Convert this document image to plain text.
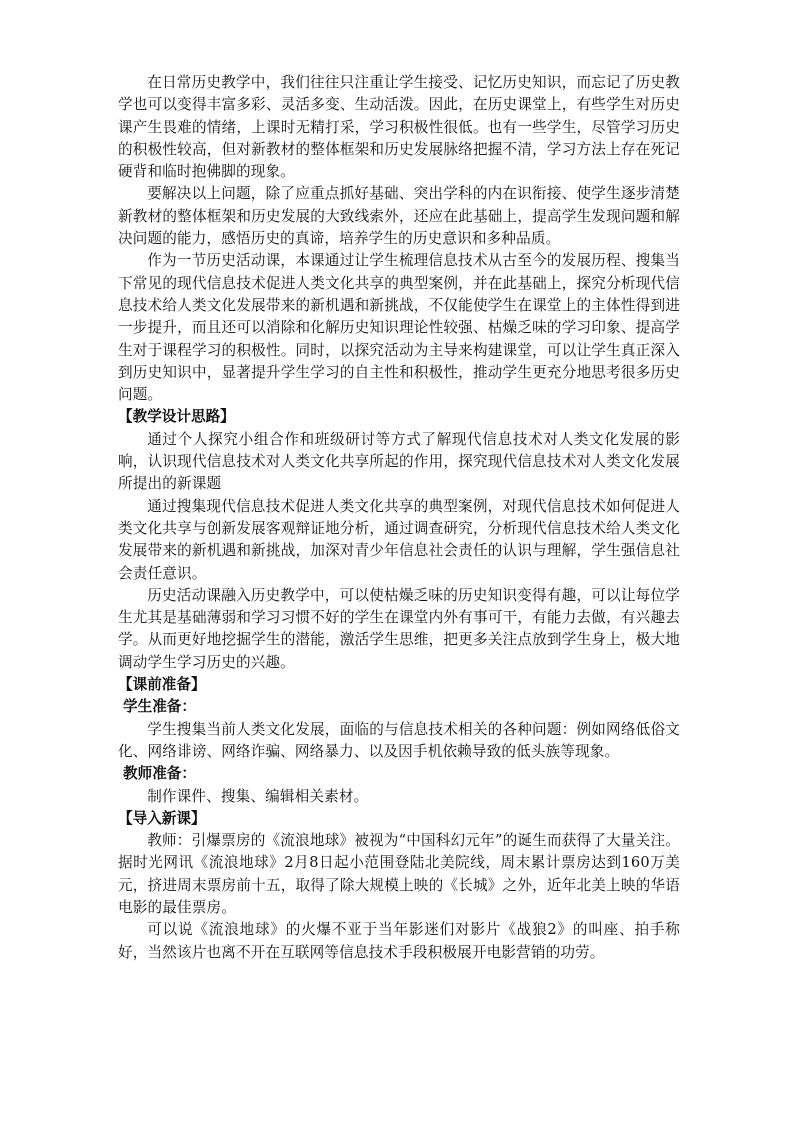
在日常历史教学中，我们往往只注重让学生接受、记忆历史知识，而忘记了历史教学也可以变得丰富多彩、灵活多变、生动活泼。因此，在历史课堂上，有些学生对历史课产生畏难的情绪，上课时无精打采，学习积极性很低。也有一些学生，尽管学习历史的积极性较高，但对新教材的整体框架和历史发展脉络把握不清，学习方法上存在死记硬背和临时抱佛脚的现象。

要解决以上问题，除了应重点抓好基础、突出学科的内在识衔接、使学生逐步清楚新教材的整体框架和历史发展的大致线索外，还应在此基础上，提高学生发现问题和解决问题的能力，感悟历史的真谛，培养学生的历史意识和多种品质。

作为一节历史活动课，本课通过让学生梳理信息技术从古至今的发展历程、搜集当下常见的现代信息技术促进人类文化共享的典型案例，并在此基础上，探究分析现代信息技术给人类文化发展带来的新机遇和新挑战，不仅能使学生在课堂上的主体性得到进一步提升，而且还可以消除和化解历史知识理论性较强、枯燥乏味的学习印象、提高学生对于课程学习的积极性。同时，以探究活动为主导来构建课堂，可以让学生真正深入到历史知识中，显著提升学生学习的自主性和积极性，推动学生更充分地思考很多历史问题。

【教学设计思路】

通过个人探究小组合作和班级研讨等方式了解现代信息技术对人类文化发展的影响，认识现代信息技术对人类文化共享所起的作用，探究现代信息技术对人类文化发展所提出的新课题

通过搜集现代信息技术促进人类文化共享的典型案例，对现代信息技术如何促进人类文化共享与创新发展客观辩证地分析，通过调查研究，分析现代信息技术给人类文化发展带来的新机遇和新挑战，加深对青少年信息社会责任的认识与理解，学生强信息社会责任意识。

历史活动课融入历史教学中，可以使枯燥乏味的历史知识变得有趣，可以让每位学生尤其是基础薄弱和学习习惯不好的学生在课堂内外有事可干，有能力去做，有兴趣去学。从而更好地挖掘学生的潜能，激活学生思维，把更多关注点放到学生身上，极大地调动学生学习历史的兴趣。

【课前准备】

学生准备：

学生搜集当前人类文化发展，面临的与信息技术相关的各种问题：例如网络低俗文化、网络诽谤、网络诈骗、网络暴力、以及因手机依赖导致的低头族等现象。

教师准备：

制作课件、搜集、编辑相关素材。

【导入新课】

教师：引爆票房的《流浪地球》被视为“中国科幻元年”的诞生而获得了大量关注。据时光网讯《流浪地球》2月8日起小范围登陆北美院线，周末累计票房达到160万美元，挤进周末票房前十五，取得了除大规模上映的《长城》之外，近年北美上映的华语电影的最佳票房。

可以说《流浪地球》的火爆不亚于当年影迷们对影片《战狼2》的叫座、拍手称好，当然该片也离不开在互联网等信息技术手段积极展开电影营销的功劳。
